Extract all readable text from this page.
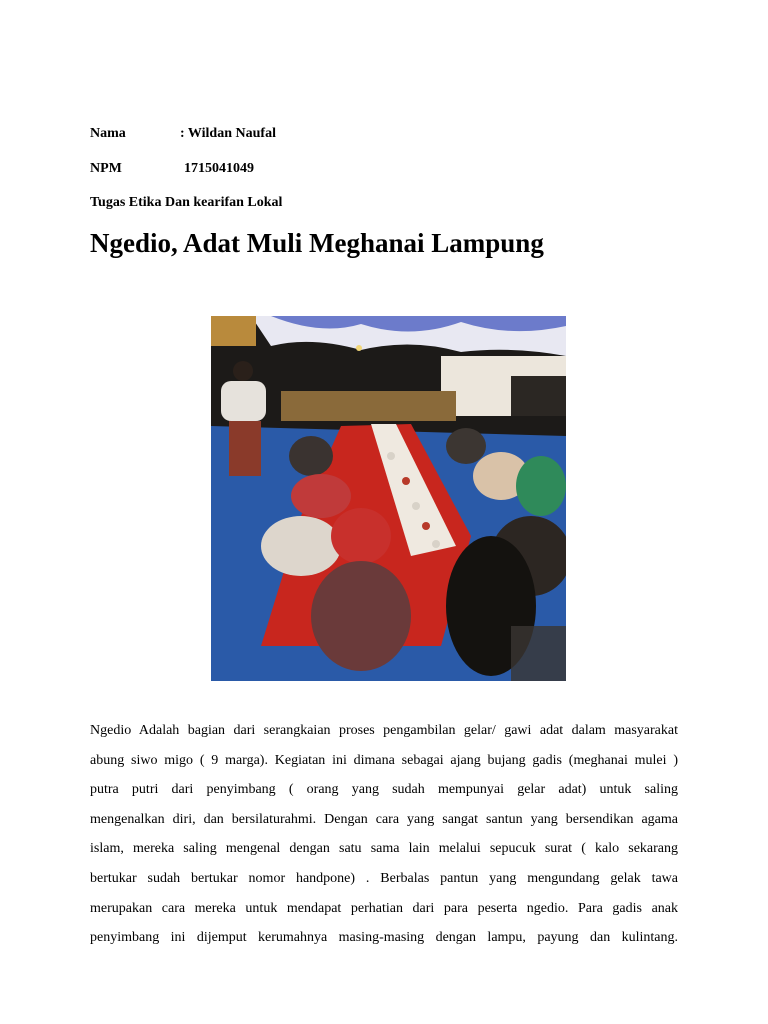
Nama	: Wildan Naufal
NPM	1715041049
Tugas Etika Dan kearifan Lokal
Ngedio, Adat Muli Meghanai Lampung
Ngedio Adalah bagian dari serangkaian proses pengambilan gelar/ gawi adat dalam masyarakat
abung siwo migo ( 9 marga). Kegiatan ini dimana sebagai ajang bujang gadis (meghanai mulei )
putra putri dari penyimbang ( orang yang sudah mempunyai gelar adat) untuk saling
mengenalkan diri, dan bersilaturahmi. Dengan cara yang sangat santun yang bersendikan agama
islam, mereka saling mengenal dengan satu sama lain melalui sepucuk surat ( kalo sekarang
bertukar sudah bertukar nomor handpone) . Berbalas pantun yang mengundang gelak tawa
merupakan cara mereka untuk mendapat perhatian dari para peserta ngedio. Para gadis anak
penyimbang ini dijemput kerumahnya masing-masing dengan lampu, payung dan kulintang.
